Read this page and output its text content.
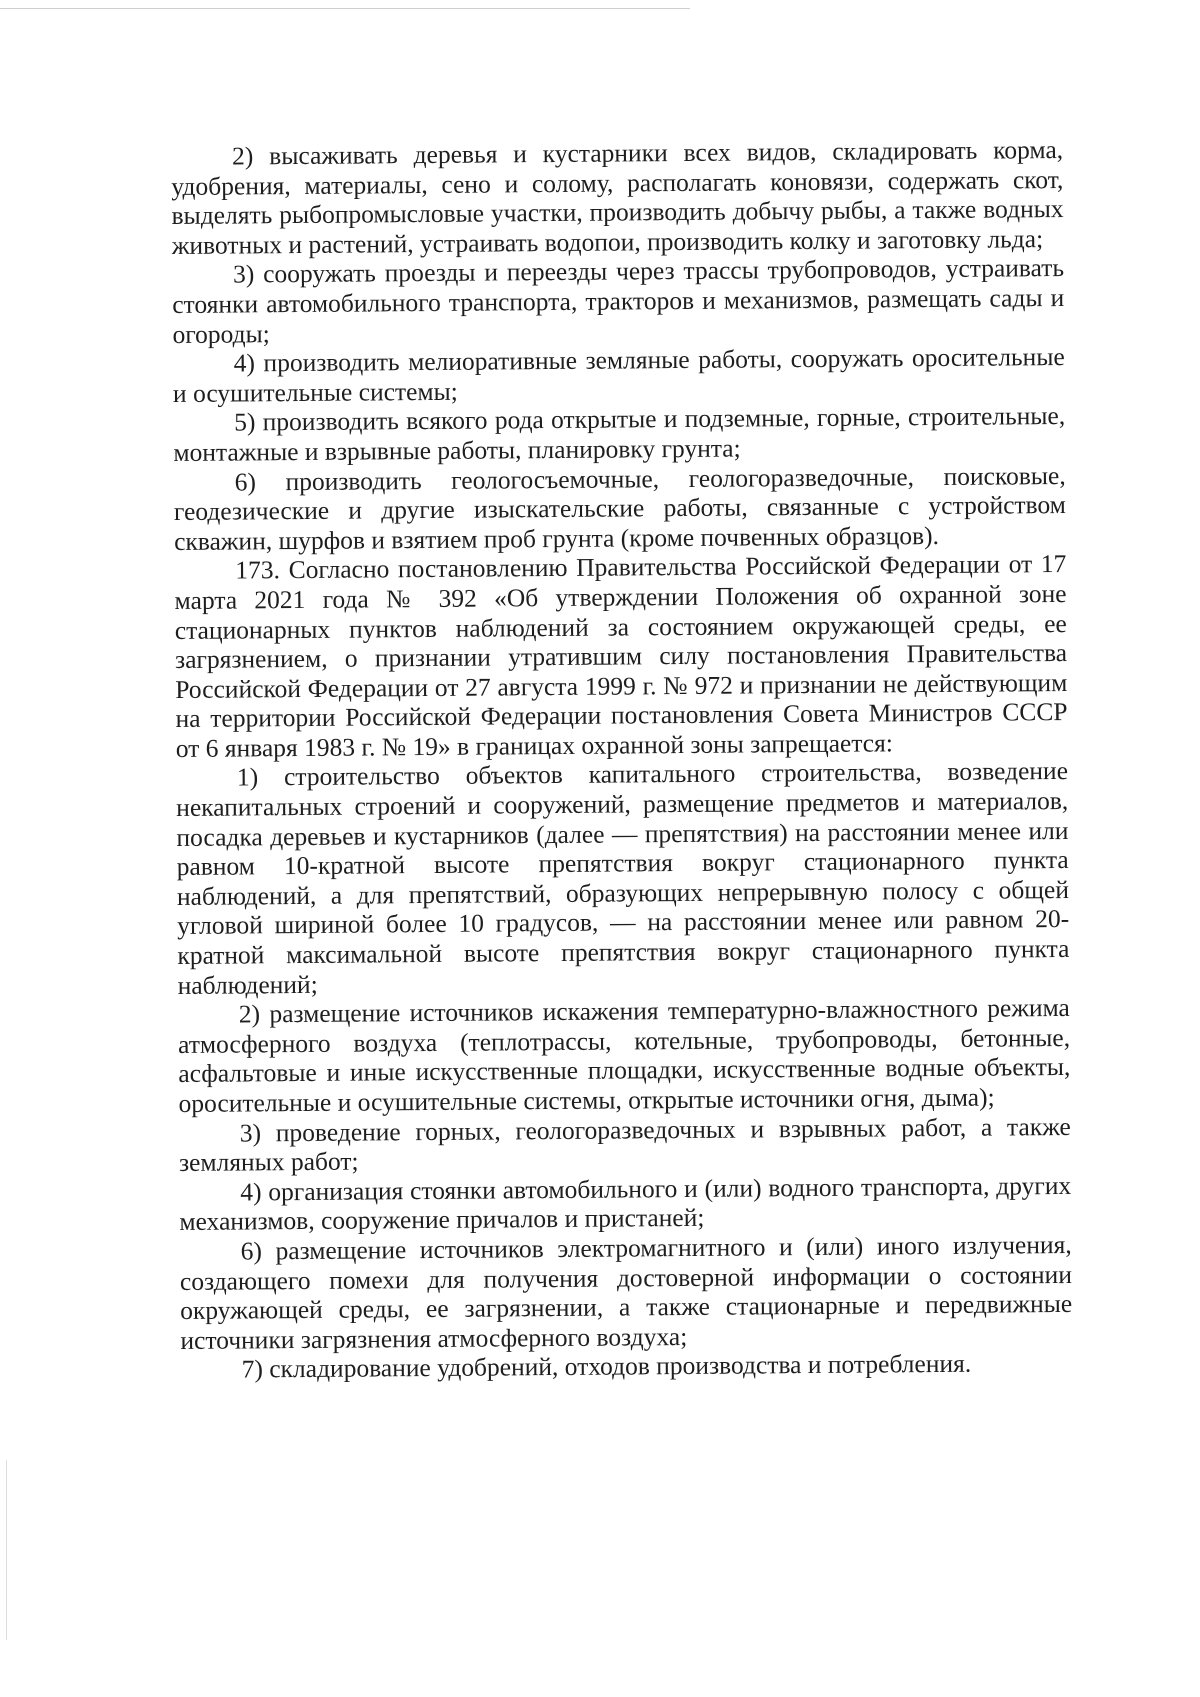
2) высаживать деревья и кустарники всех видов, складировать корма, удобрения, материалы, сено и солому, располагать коновязи, содержать скот, выделять рыбопромысловые участки, производить добычу рыбы, а также водных животных и растений, устраивать водопои, производить колку и заготовку льда;

3) сооружать проезды и переезды через трассы трубопроводов, устраивать стоянки автомобильного транспорта, тракторов и механизмов, размещать сады и огороды;

4) производить мелиоративные земляные работы, сооружать оросительные и осушительные системы;

5) производить всякого рода открытые и подземные, горные, строительные, монтажные и взрывные работы, планировку грунта;

6) производить геологосъемочные, геологоразведочные, поисковые, геодезические и другие изыскательские работы, связанные с устройством скважин, шурфов и взятием проб грунта (кроме почвенных образцов).

173. Согласно постановлению Правительства Российской Федерации от 17 марта 2021 года № 392 «Об утверждении Положения об охранной зоне стационарных пунктов наблюдений за состоянием окружающей среды, ее загрязнением, о признании утратившим силу постановления Правительства Российской Федерации от 27 августа 1999 г. № 972 и признании не действующим на территории Российской Федерации постановления Совета Министров СССР от 6 января 1983 г. № 19» в границах охранной зоны запрещается:

1) строительство объектов капитального строительства, возведение некапитальных строений и сооружений, размещение предметов и материалов, посадка деревьев и кустарников (далее — препятствия) на расстоянии менее или равном 10-кратной высоте препятствия вокруг стационарного пункта наблюдений, а для препятствий, образующих непрерывную полосу с общей угловой шириной более 10 градусов, — на расстоянии менее или равном 20-кратной максимальной высоте препятствия вокруг стационарного пункта наблюдений;

2) размещение источников искажения температурно-влажностного режима атмосферного воздуха (теплотрассы, котельные, трубопроводы, бетонные, асфальтовые и иные искусственные площадки, искусственные водные объекты, оросительные и осушительные системы, открытые источники огня, дыма);

3) проведение горных, геологоразведочных и взрывных работ, а также земляных работ;

4) организация стоянки автомобильного и (или) водного транспорта, других механизмов, сооружение причалов и пристаней;

6) размещение источников электромагнитного и (или) иного излучения, создающего помехи для получения достоверной информации о состоянии окружающей среды, ее загрязнении, а также стационарные и передвижные источники загрязнения атмосферного воздуха;

7) складирование удобрений, отходов производства и потребления.
